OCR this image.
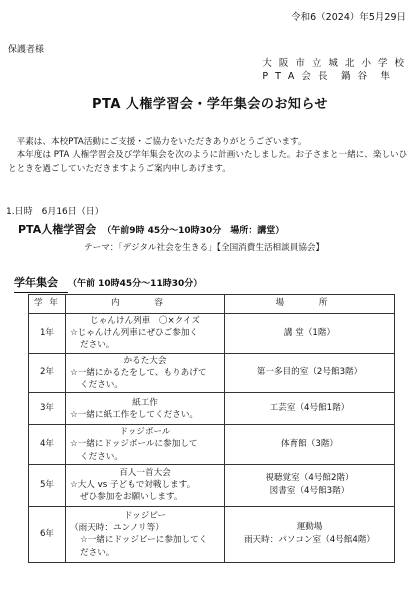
令和6（2024）年5月29日
保護者様
大 阪 市 立 城 北 小 学 校
P T A 会 長　鍋 谷　隼
PTA 人権学習会・学年集会のお知らせ

平素は、本校PTA活動にご支援・ご協力をいただきありがとうございます。

本年度は PTA 人権学習会及び学年集会を次のように計画いたしました。お子さまと一緒に、楽しいひとときを過ごしていただきますようご案内申しあげます。

1.日時　6月16日（日）
PTA人権学習会 （午前9時 45分～10時30分　場所：講堂）
テーマ：「デジタル社会を生きる」【全国消費生活相談員協会】
学年集会 （午前 10時45分～11時30分）
学 年	内 容	場 所
1年	じゃんけん列車　〇×クイズ
☆じゃんけん列車にぜひご参加く
ださい。	講 堂（1階）
2年	かるた大会
☆一緒にかるたをして、もりあげて
ください。	第一多目的室（2号館3階）
3年	紙工作
☆一緒に紙工作をしてください。	工芸室（4号館1階）
4年	ドッジボール
☆一緒にドッジボールに参加して
ください。	体育館（3階）
5年	百人一首大会
☆大人 vs 子どもで対戦します。
ぜひ参加をお願いします。	視聴覚室（4号館2階）
図書室（4号館3階）
6年	ドッジビー
（雨天時：ユンノリ等）
☆一緒にドッジビーに参加してく
ださい。	運動場
雨天時：パソコン室（4号館4階）
